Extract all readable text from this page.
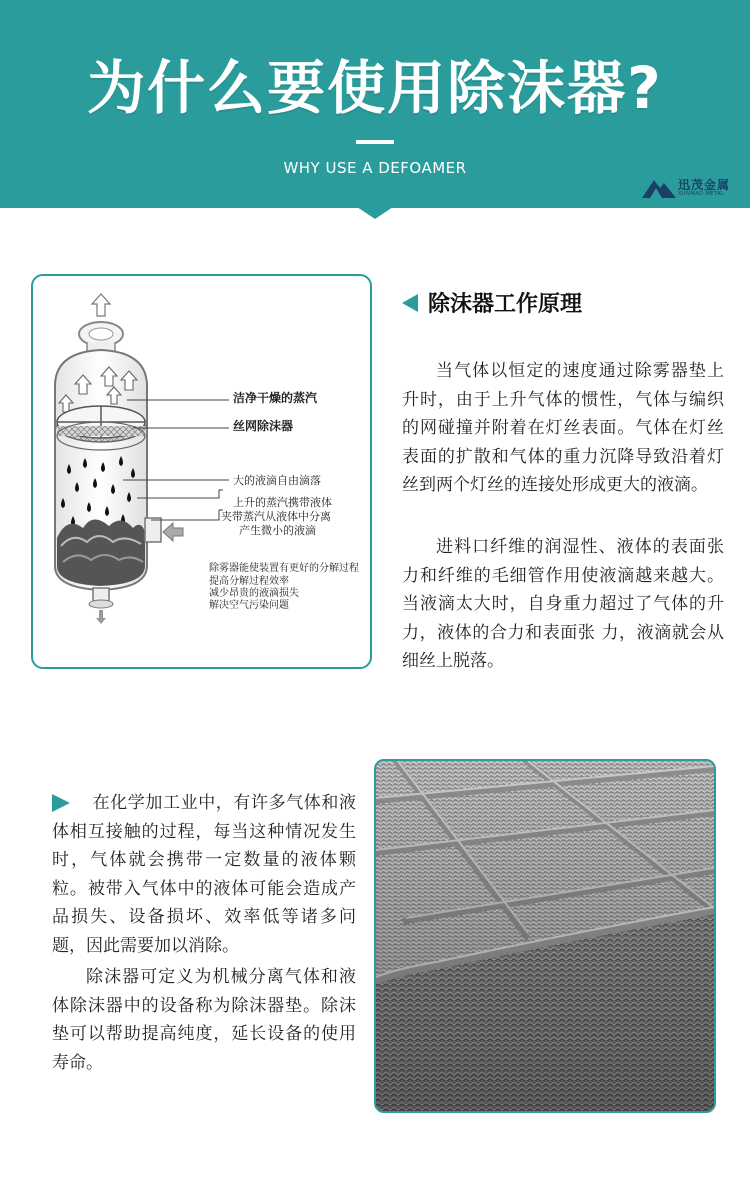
为什么要使用除沫器?
WHY USE A DEFOAMER
迅茂金属
XUNMAO METAL
洁净干燥的蒸汽
丝网除沫器
大的液滴自由滴落
上升的蒸汽携带液体
夹带蒸汽从液体中分离
产生微小的液滴
除雾器能使装置有更好的分解过程
提高分解过程效率
减少昂贵的液滴损失
解决空气污染问题
除沫器工作原理

当气体以恒定的速度通过除雾器垫上升时，由于上升气体的惯性，气体与编织的网碰撞并附着在灯丝表面。气体在灯丝表面的扩散和气体的重力沉降导致沿着灯丝到两个灯丝的连接处形成更大的液滴。

进料口纤维的润湿性、液体的表面张力和纤维的毛细管作用使液滴越来越大。当液滴太大时，自身重力超过了气体的升力，液体的合力和表面张 力，液滴就会从细丝上脱落。

在化学加工业中，有许多气体和液体相互接触的过程，每当这种情况发生时，气体就会携带一定数量的液体颗粒。被带入气体中的液体可能会造成产品损失、设备损坏、效率低等诸多问题，因此需要加以消除。

除沫器可定义为机械分离气体和液体除沫器中的设备称为除沫器垫。除沫垫可以帮助提高纯度，延长设备的使用寿命。
